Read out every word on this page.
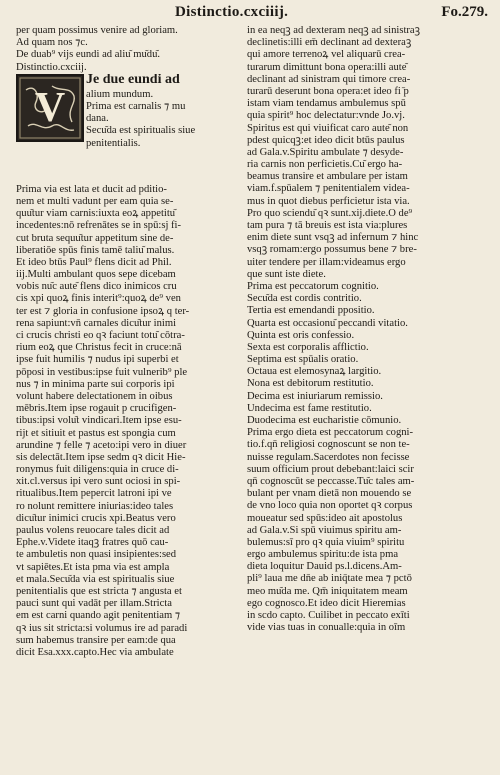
Distinctio.cxciiij.	Fo.279.
per quam possimus venire ad gloriam.
Ad quam nos ⁊c.
De duab⁹ vijs eundi ad aliu͂ mu͂du͂.
Distinctio.cxciij.
V
Je due eundi ad
alium mundum.
Prima est carnalis ⁊ mu
dana.
Secu͂da est spiritualis siue
penitentialis.
Prima via est lata et ducit ad pditio-
nem et multi vadunt per eam quia se-
quu͂tur viam carnis:iuxta eoꝝ appetitu͂
incedentes:nō refrenātes se in spū:sj fi-
cut bruta sequu͂tur appetitum sine de-
liberatiōe spūs finis tamē taliu͂ malus.
Et ideo btūs Paul⁹ flens dicit ad Phil.
iij.Multi ambulant quos sepe dicebam
vobis nu͂c aute͂ flens dico inimicos cru
cis xpi quoꝝ finis interit⁹:quoꝝ de⁹ ven
ter est ⁊ gloria in confusione ipsoꝝ q ter-
rena sapiunt:vn̄ carnales dicu͂tur inimi
ci crucis christi eo qꝛ faciunt totu͂ cōtra-
rium eoꝝ que Christus fecit in cruce:nā
ipse fuit humilis ⁊ nudus ipi superbi et
pōposi in vestibus:ipse fuit vulnerib⁹ ple
nus ⁊ in minima parte sui corporis ipi
volunt habere delectationem in oibus
mēbris.Item ipse rogauit p crucifigen-
tibus:ipsi volu͂t vindicari.Item ipse esu-
rijt et sitiuit et pastus est spongia cum
arundine ⁊ felle ⁊ aceto:ipi vero in diuer
sis delectāt.Item ipse sedm qꝛ dicit Hie-
ronymus fuit diligens:quia in cruce di-
xit.cl.versus ipi vero sunt ociosi in spi-
ritualibus.Item pepercit latroni ipi ve
ro nolunt remittere iniurias:ideo tales
dicu͂tur inimici crucis xpi.Beatus vero
paulus volens reuocare tales dicit ad
Ephe.v.Videte itaqꝫ fratres quō cau-
te ambuletis non quasi insipientes:sed
vt sapiētes.Et ista pma via est ampla
et mala.Secu͂da via est spiritualis siue
penitentialis que est stricta ⁊ angusta et
pauci sunt qui vadāt per illam.Stricta
em est carni quando agit penitentiam ⁊
qꝛ ius sit stricta:si volumus ire ad paradi
sum habemus transire per eam:de qua
dicit Esa.xxx.capto.Hec via ambulate
in ea neqꝫ ad dexteram neqꝫ ad sinistraꝫ
declinetis:illi em̄ declinant ad dexteraꝫ
qui amore terrenoꝝ vel aliquarū crea-
turarum dimittunt bona opera:illi aute͂
declinant ad sinistram qui timore crea-
turarū deserunt bona opera:et ideo fi ̄p
istam viam tendamus ambulemus spū
quia spirit⁹ hoc delectatur:vnde Jo.vj.
Spiritus est qui viuificat caro aute͂ non
pdest quicqꝫ:et ideo dicit btūs paulus
ad Gala.v.Spiritu ambulate ⁊ desyde-
ria carnis non perficietis.Cu͂ ergo ha-
beamus transire et ambulare per istam
viam.f.spūalem ⁊ penitentialem videa-
mus in quot diebus perficietur ista via.
Pro quo sciendu͂ qꝛ sunt.xij.diete.O de⁹
tam pura ⁊ tā breuis est ista via:plures
enim diete sunt vsqꝫ ad infernum ⁊ hinc
vsqꝫ romam:ergo possumus bene ⁊ bre-
uiter tendere per illam:videamus ergo
que sunt iste diete.
Prima est peccatorum cognitio.
Secu͂da est cordis contritio.
Tertia est emendandi ppositio.
Quarta est occasionu͂ peccandi vitatio.
Quinta est oris confessio.
Sexta est corporalis afflictio.
Septima est spūalis oratio.
Octaua est elemosynaꝝ largitio.
Nona est debitorum restitutio.
Decima est iniuriarum remissio.
Undecima est fame restitutio.
Duodecima est eucharistie cōmunio.
Prima ergo dieta est peccatorum cogni-
tio.f.qn̄ religiosi cognoscunt se non te-
nuisse regulam.Sacerdotes non fecisse
suum officium prout debebant:laici scir
qn̄ cognoscūt se peccasse.Tu͂c tales am-
bulant per vnam dietā non mouendo se
de vno loco quia non oportet qꝛ corpus
moueatur sed spūs:ideo ait apostolus
ad Gala.v.Si spū viuimus spiritu am-
bulemus:sī pro qꝛ quia viuim⁹ spiritu
ergo ambulemus spiritu:de ista pma
dieta loquitur Dauid ps.l.dicens.Am-
pli⁹ laua me dn̄e ab iniq̄tate mea ⁊ pctō
meo mu͂da me. Qm̄ iniquitatem meam
ego cognosco.Et ideo dicit Hieremias
in scdo capto. Cuilibet in peccato exīti
vide vias tuas in conualle:quia in oīm
